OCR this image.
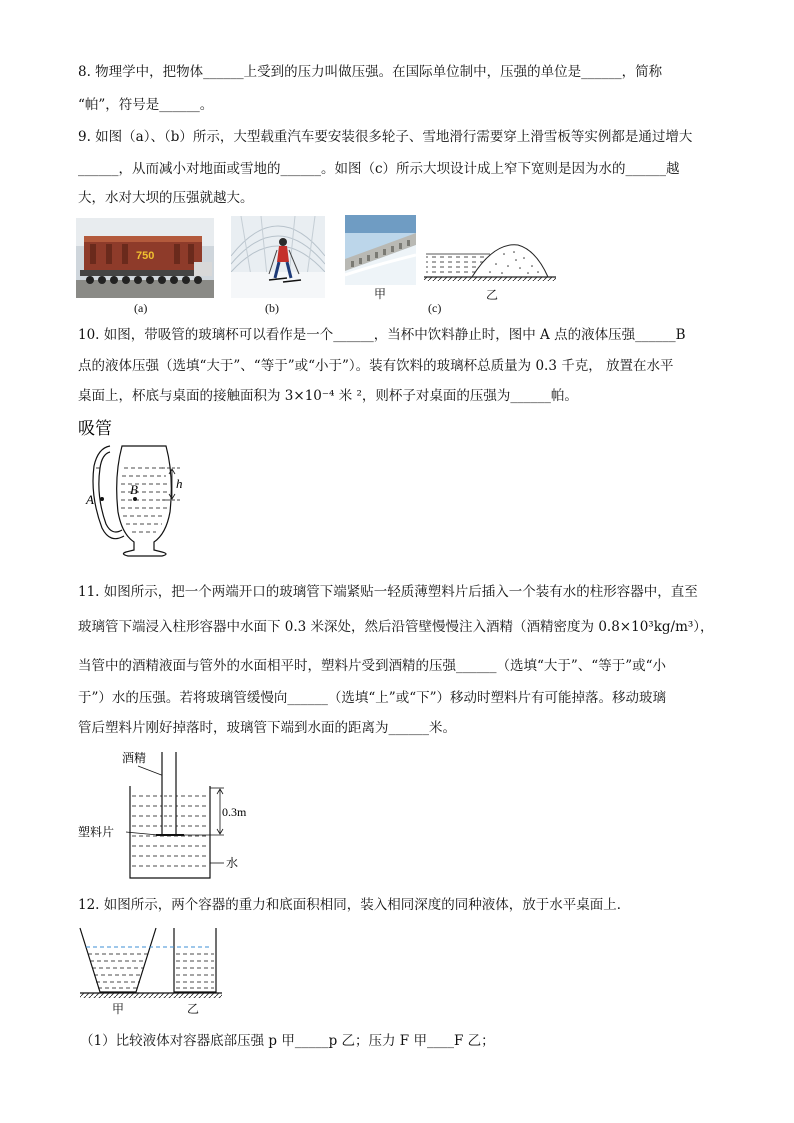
8. 物理学中，把物体______上受到的压力叫做压强。在国际单位制中，压强的单位是______，简称
“帕”，符号是______。
9. 如图（a）、（b）所示，大型载重汽车要安装很多轮子、雪地滑行需要穿上滑雪板等实例都是通过增大
______，从而减小对地面或雪地的______。如图（c）所示大坝设计成上窄下宽则是因为水的______越
大，水对大坝的压强就越大。
750
(a)	(b)
甲
(c)
乙
10. 如图，带吸管的玻璃杯可以看作是一个______，当杯中饮料静止时，图中 A 点的液体压强______B
点的液体压强（选填“大于”、“等于”或“小于”）。装有饮料的玻璃杯总质量为 0.3 千克， 放置在水平
桌面上，杯底与桌面的接触面积为 3×10⁻⁴ 米 ²，则杯子对桌面的压强为______帕。
吸管
h
B
A
11. 如图所示，把一个两端开口的玻璃管下端紧贴一轻质薄塑料片后插入一个装有水的柱形容器中，直至
玻璃管下端浸入柱形容器中水面下 0.3 米深处，然后沿管壁慢慢注入酒精（酒精密度为 0.8×10³kg/m³），
当管中的酒精液面与管外的水面相平时，塑料片受到酒精的压强______（选填“大于”、“等于”或“小
于”）水的压强。若将玻璃管缓慢向______（选填“上”或“下”）移动时塑料片有可能掉落。移动玻璃
管后塑料片刚好掉落时，玻璃管下端到水面的距离为______米。
酒精
塑料片
0.3m
水
12. 如图所示，两个容器的重力和底面积相同，装入相同深度的同种液体，放于水平桌面上．
甲	乙
（1）比较液体对容器底部压强 p 甲_____p 乙；压力 F 甲____F 乙；
